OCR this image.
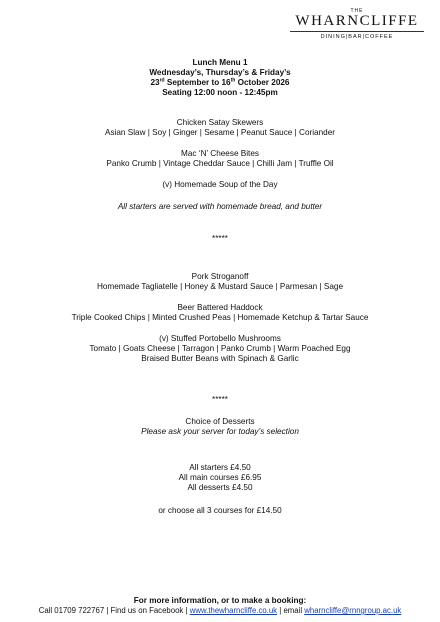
THE
WHARNCLIFFE
DINING|BAR|COFFEE
Lunch Menu 1
Wednesday’s, Thursday’s & Friday’s
23rd September to 16th October 2026
Seating 12:00 noon - 12:45pm
Chicken Satay Skewers
Asian Slaw | Soy | Ginger | Sesame | Peanut Sauce | Coriander
Mac ‘N’ Cheese Bites
Panko Crumb | Vintage Cheddar Sauce | Chilli Jam | Truffle Oil
(v) Homemade Soup of the Day
All starters are served with homemade bread, and butter
*****
Pork Stroganoff
Homemade Tagliatelle | Honey & Mustard Sauce | Parmesan | Sage
Beer Battered Haddock
Triple Cooked Chips | Minted Crushed Peas | Homemade Ketchup & Tartar Sauce
(v) Stuffed Portobello Mushrooms
Tomato | Goats Cheese | Tarragon | Panko Crumb | Warm Poached Egg
Braised Butter Beans with Spinach & Garlic
*****
Choice of Desserts
Please ask your server for today’s selection
All starters £4.50
All main courses £6.95
All desserts £4.50
or choose all 3 courses for £14.50
For more information, or to make a booking:
Call 01709 722767 | Find us on Facebook | www.thewharncliffe.co.uk | email wharncliffe@rnngroup.ac.uk
